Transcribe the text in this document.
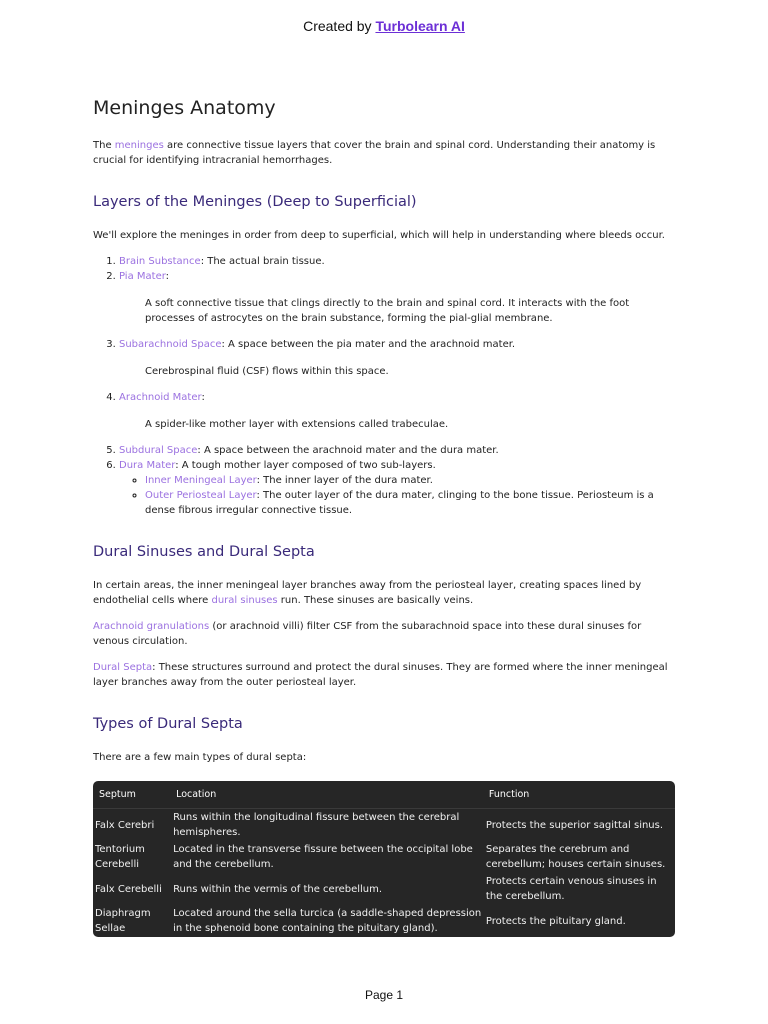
Created by Turbolearn AI
Meninges Anatomy

The meninges are connective tissue layers that cover the brain and spinal cord. Understanding their anatomy is crucial for identifying intracranial hemorrhages.

Layers of the Meninges (Deep to Superficial)

We'll explore the meninges in order from deep to superficial, which will help in understanding where bleeds occur.

1. Brain Substance: The actual brain tissue.
2. Pia Mater:
A soft connective tissue that clings directly to the brain and spinal cord. It interacts with the foot processes of astrocytes on the brain substance, forming the pial-glial membrane.
3. Subarachnoid Space: A space between the pia mater and the arachnoid mater.
Cerebrospinal fluid (CSF) flows within this space.
4. Arachnoid Mater:
A spider-like mother layer with extensions called trabeculae.
5. Subdural Space: A space between the arachnoid mater and the dura mater.
6. Dura Mater: A tough mother layer composed of two sub-layers.
◦ Inner Meningeal Layer: The inner layer of the dura mater.
◦ Outer Periosteal Layer: The outer layer of the dura mater, clinging to the bone tissue. Periosteum is a dense fibrous irregular connective tissue.
Dural Sinuses and Dural Septa

In certain areas, the inner meningeal layer branches away from the periosteal layer, creating spaces lined by endothelial cells where dural sinuses run. These sinuses are basically veins.

Arachnoid granulations (or arachnoid villi) filter CSF from the subarachnoid space into these dural sinuses for venous circulation.

Dural Septa: These structures surround and protect the dural sinuses. They are formed where the inner meningeal layer branches away from the outer periosteal layer.

Types of Dural Septa

There are a few main types of dural septa:

Septum	Location	Function
Falx Cerebri	Runs within the longitudinal fissure between the cerebral hemispheres.	Protects the superior sagittal sinus.
Tentorium Cerebelli	Located in the transverse fissure between the occipital lobe and the cerebellum.	Separates the cerebrum and cerebellum; houses certain sinuses.
Falx Cerebelli	Runs within the vermis of the cerebellum.	Protects certain venous sinuses in the cerebellum.
Diaphragm Sellae	Located around the sella turcica (a saddle-shaped depression in the sphenoid bone containing the pituitary gland).	Protects the pituitary gland.
Page 1
